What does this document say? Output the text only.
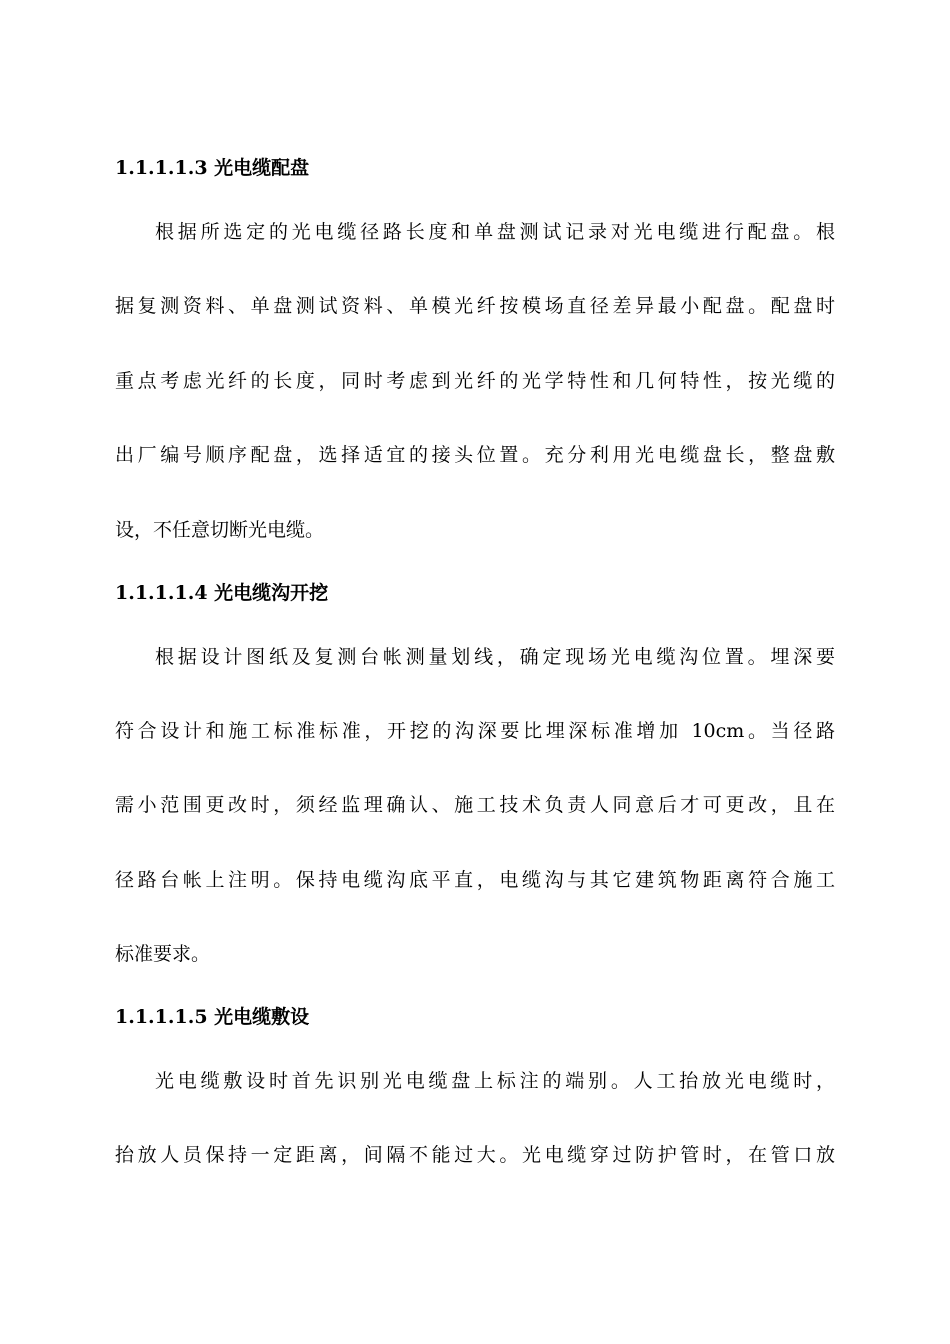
1.1.1.1.3 光电缆配盘
根据所选定的光电缆径路长度和单盘测试记录对光电缆进行配盘。根
据复测资料、单盘测试资料、单模光纤按模场直径差异最小配盘。配盘时
重点考虑光纤的长度，同时考虑到光纤的光学特性和几何特性，按光缆的
出厂编号顺序配盘，选择适宜的接头位置。充分利用光电缆盘长，整盘敷
设，不任意切断光电缆。
1.1.1.1.4 光电缆沟开挖
根据设计图纸及复测台帐测量划线，确定现场光电缆沟位置。埋深要
符合设计和施工标准标准，开挖的沟深要比埋深标准增加 10cm。当径路
需小范围更改时，须经监理确认、施工技术负责人同意后才可更改，且在
径路台帐上注明。保持电缆沟底平直，电缆沟与其它建筑物距离符合施工
标准要求。
1.1.1.1.5 光电缆敷设
光电缆敷设时首先识别光电缆盘上标注的端别。人工抬放光电缆时，
抬放人员保持一定距离，间隔不能过大。光电缆穿过防护管时，在管口放
